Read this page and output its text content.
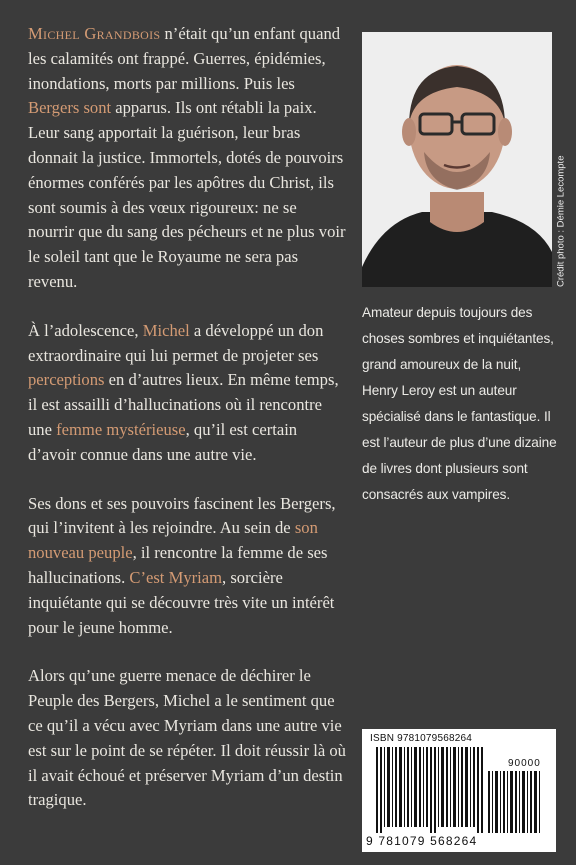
Michel Grandbois n’était qu’un enfant quand les calamités ont frappé. Guerres, épidémies, inondations, morts par millions. Puis les Bergers sont apparus. Ils ont rétabli la paix. Leur sang apportait la guérison, leur bras donnait la justice. Immortels, dotés de pouvoirs énormes conférés par les apôtres du Christ, ils sont soumis à des vœux rigoureux: ne se nourrir que du sang des pécheurs et ne plus voir le soleil tant que le Royaume ne sera pas revenu.

À l’adolescence, Michel a développé un don extraordinaire qui lui permet de projeter ses perceptions en d’autres lieux. En même temps, il est assailli d’hallucinations où il rencontre une femme mystérieuse, qu’il est certain d’avoir connue dans une autre vie.

Ses dons et ses pouvoirs fascinent les Bergers, qui l’invitent à les rejoindre. Au sein de son nouveau peuple, il rencontre la femme de ses hallucinations. C’est Myriam, sorcière inquiétante qui se découvre très vite un intérêt pour le jeune homme.

Alors qu’une guerre menace de déchirer le Peuple des Bergers, Michel a le sentiment que ce qu’il a vécu avec Myriam dans une autre vie est sur le point de se répéter. Il doit réussir là où il avait échoué et préserver Myriam d’un destin tragique.

Crédit photo : Démie Lecompte
Amateur depuis toujours des choses sombres et inquiétantes, grand amoureux de la nuit, Henry Leroy est un auteur spécialisé dans le fantastique. Il est l’auteur de plus d’une dizaine de livres dont plusieurs sont consacrés aux vampires.
ISBN 9781079568264
90000
9 781079 568264
